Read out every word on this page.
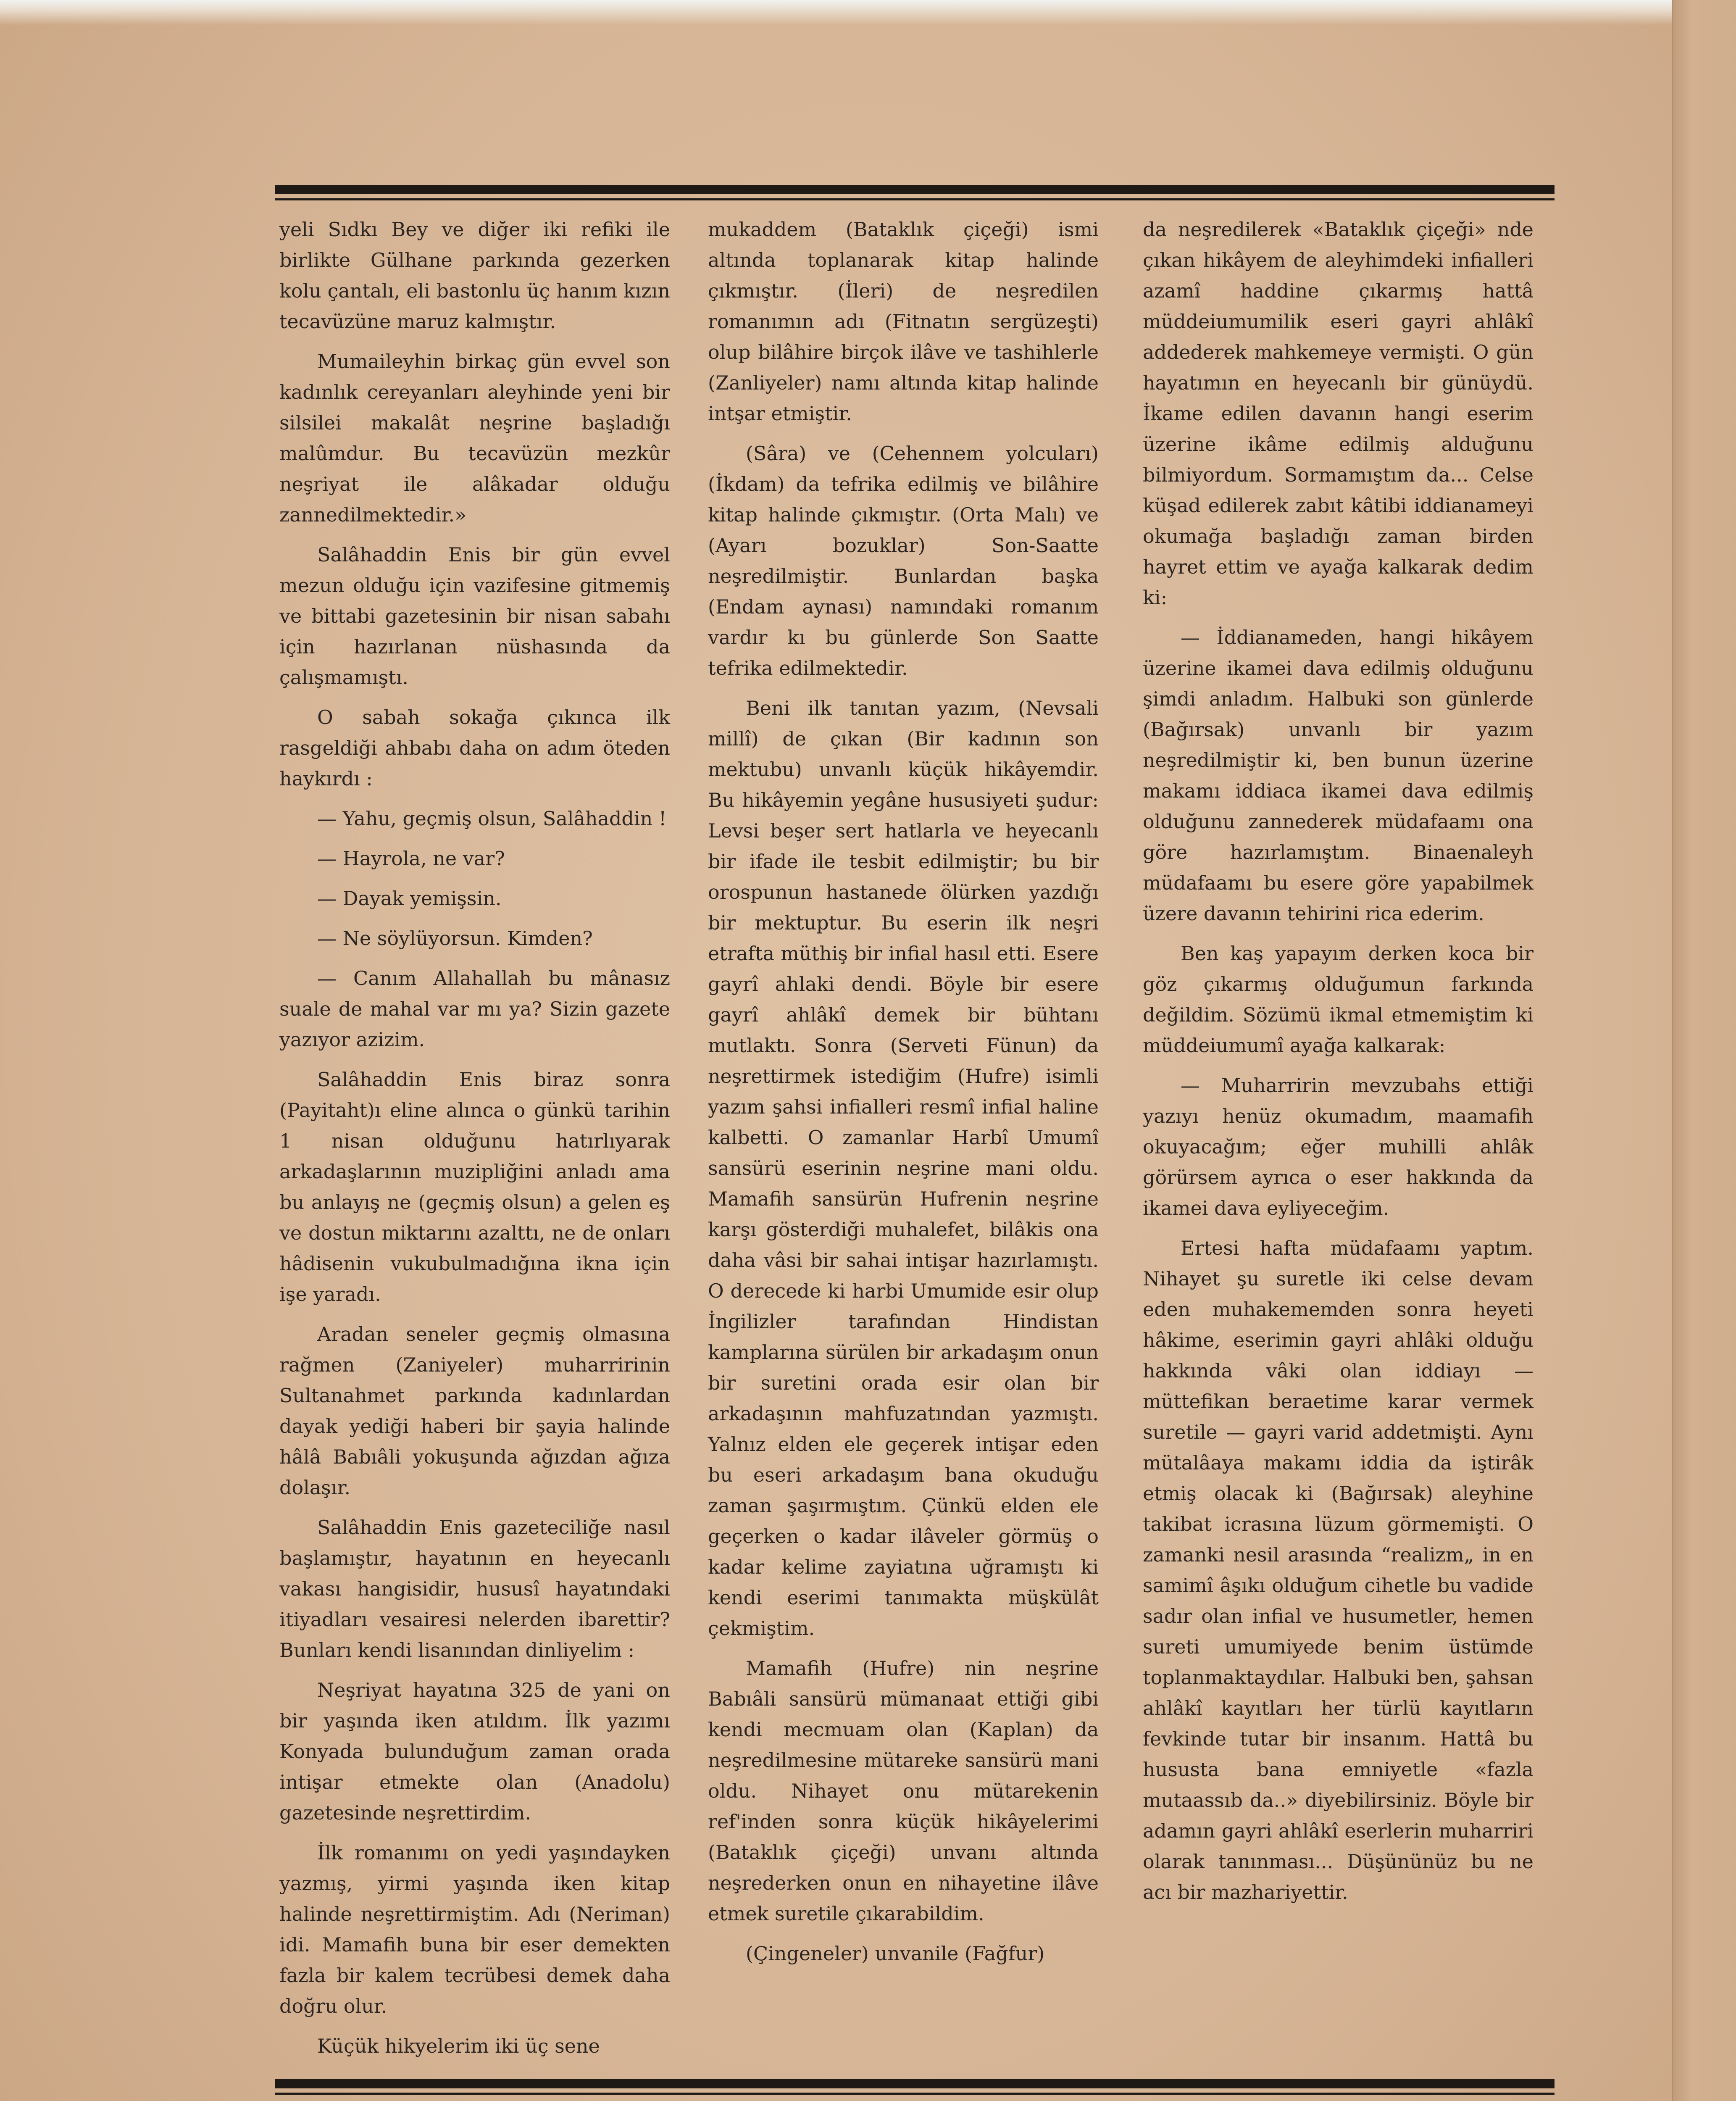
yeli Sıdkı Bey ve diğer iki refiki ile birlikte Gülhane parkında gezerken kolu çantalı, eli bastonlu üç hanım kızın tecavüzüne maruz kalmıştır.

Mumaileyhin birkaç gün evvel son kadınlık cereyanları aleyhinde yeni bir silsilei makalât neşrine başladığı malûmdur. Bu tecavüzün mezkûr neşriyat ile alâkadar olduğu zannedilmektedir.»

Salâhaddin Enis bir gün evvel mezun olduğu için vazifesine gitmemiş ve bittabi gazetesinin bir nisan sabahı için hazırlanan nüshasında da çalışmamıştı.

O sabah sokağa çıkınca ilk rasgeldiği ahbabı daha on adım öteden haykırdı :

— Yahu, geçmiş olsun, Salâhaddin !

— Hayrola, ne var?

— Dayak yemişsin.

— Ne söylüyorsun. Kimden?

— Canım Allahallah bu mânasız suale de mahal var mı ya? Sizin gazete yazıyor azizim.

Salâhaddin Enis biraz sonra (Payitaht)ı eline alınca o günkü tarihin 1 nisan olduğunu hatırlıyarak arkadaşlarının muzipliğini anladı ama bu anlayış ne (geçmiş olsun) a gelen eş ve dostun miktarını azalttı, ne de onları hâdisenin vukubulmadığına ikna için işe yaradı.

Aradan seneler geçmiş olmasına rağmen (Zaniyeler) muharririnin Sultanahmet parkında kadınlardan dayak yediği haberi bir şayia halinde hâlâ Babıâli yokuşunda ağızdan ağıza dolaşır.

Salâhaddin Enis gazeteciliğe nasıl başlamıştır, hayatının en heyecanlı vakası hangisidir, hususî hayatındaki itiyadları vesairesi nelerden ibarettir? Bunları kendi lisanından dinliyelim :

Neşriyat hayatına 325 de yani on bir yaşında iken atıldım. İlk yazımı Konyada bulunduğum zaman orada intişar etmekte olan (Anadolu) gazetesinde neşrettirdim.

İlk romanımı on yedi yaşındayken yazmış, yirmi yaşında iken kitap halinde neşrettirmiştim. Adı (Neriman) idi. Mamafih buna bir eser demekten fazla bir kalem tecrübesi demek daha doğru olur.

Küçük hikyelerim iki üç sene

mukaddem (Bataklık çiçeği) ismi altında toplanarak kitap halinde çıkmıştır. (İleri) de neşredilen romanımın adı (Fitnatın sergüzeşti) olup bilâhire birçok ilâve ve tashihlerle (Zanliyeler) namı altında kitap halinde intşar etmiştir.

(Sâra) ve (Cehennem yolcuları) (İkdam) da tefrika edilmiş ve bilâhire kitap halinde çıkmıştır. (Orta Malı) ve (Ayarı bozuklar) Son-Saatte neşredilmiştir. Bunlardan başka (Endam aynası) namındaki romanım vardır kı bu günlerde Son Saatte tefrika edilmektedir.

Beni ilk tanıtan yazım, (Nevsali millî) de çıkan (Bir kadının son mektubu) unvanlı küçük hikâyemdir. Bu hikâyemin yegâne hususiyeti şudur: Levsi beşer sert hatlarla ve heyecanlı bir ifade ile tesbit edilmiştir; bu bir orospunun hastanede ölürken yazdığı bir mektuptur. Bu eserin ilk neşri etrafta müthiş bir infial hasıl etti. Esere gayrî ahlaki dendi. Böyle bir esere gayrî ahlâkî demek bir bühtanı mutlaktı. Sonra (Serveti Fünun) da neşrettirmek istediğim (Hufre) isimli yazım şahsi infialleri resmî infial haline kalbetti. O zamanlar Harbî Umumî sansürü eserinin neşrine mani oldu. Mamafih sansürün Hufrenin neşrine karşı gösterdiği muhalefet, bilâkis ona daha vâsi bir sahai intişar hazırlamıştı. O derecede ki harbi Umumide esir olup İngilizler tarafından Hindistan kamplarına sürülen bir arkadaşım onun bir suretini orada esir olan bir arkadaşının mahfuzatından yazmıştı. Yalnız elden ele geçerek intişar eden bu eseri arkadaşım bana okuduğu zaman şaşırmıştım. Çünkü elden ele geçerken o kadar ilâveler görmüş o kadar kelime zayiatına uğramıştı ki kendi eserimi tanımakta müşkülât çekmiştim.

Mamafih (Hufre) nin neşrine Babıâli sansürü mümanaat ettiği gibi kendi mecmuam olan (Kaplan) da neşredilmesine mütareke sansürü mani oldu. Nihayet onu mütarekenin ref'inden sonra küçük hikâyelerimi (Bataklık çiçeği) unvanı altında neşrederken onun en nihayetine ilâve etmek suretile çıkarabildim.

(Çingeneler) unvanile (Fağfur)

da neşredilerek «Bataklık çiçeği» nde çıkan hikâyem de aleyhimdeki infialleri azamî haddine çıkarmış hattâ müddeiumumilik eseri gayri ahlâkî addederek mahkemeye vermişti. O gün hayatımın en heyecanlı bir günüydü. İkame edilen davanın hangi eserim üzerine ikâme edilmiş alduğunu bilmiyordum. Sormamıştım da... Celse küşad edilerek zabıt kâtibi iddianameyi okumağa başladığı zaman birden hayret ettim ve ayağa kalkarak dedim ki:

— İddianameden, hangi hikâyem üzerine ikamei dava edilmiş olduğunu şimdi anladım. Halbuki son günlerde (Bağırsak) unvanlı bir yazım neşredilmiştir ki, ben bunun üzerine makamı iddiaca ikamei dava edilmiş olduğunu zannederek müdafaamı ona göre hazırlamıştım. Binaenaleyh müdafaamı bu esere göre yapabilmek üzere davanın tehirini rica ederim.

Ben kaş yapayım derken koca bir göz çıkarmış olduğumun farkında değildim. Sözümü ikmal etmemiştim ki müddeiumumî ayağa kalkarak:

— Muharririn mevzubahs ettiği yazıyı henüz okumadım, maamafih okuyacağım; eğer muhilli ahlâk görürsem ayrıca o eser hakkında da ikamei dava eyliyeceğim.

Ertesi hafta müdafaamı yaptım. Nihayet şu suretle iki celse devam eden muhakememden sonra heyeti hâkime, eserimin gayri ahlâki olduğu hakkında vâki olan iddiayı — müttefikan beraetime karar vermek suretile — gayri varid addetmişti. Aynı mütalâaya makamı iddia da iştirâk etmiş olacak ki (Bağırsak) aleyhine takibat icrasına lüzum görmemişti. O zamanki nesil arasında “realizm„ in en samimî âşıkı olduğum cihetle bu vadide sadır olan infial ve husumetler, hemen sureti umumiyede benim üstümde toplanmaktaydılar. Halbuki ben, şahsan ahlâkî kayıtları her türlü kayıtların fevkinde tutar bir insanım. Hattâ bu hususta bana emniyetle «fazla mutaassıb da..» diyebilirsiniz. Böyle bir adamın gayri ahlâkî eserlerin muharriri olarak tanınması... Düşününüz bu ne acı bir mazhariyettir.
